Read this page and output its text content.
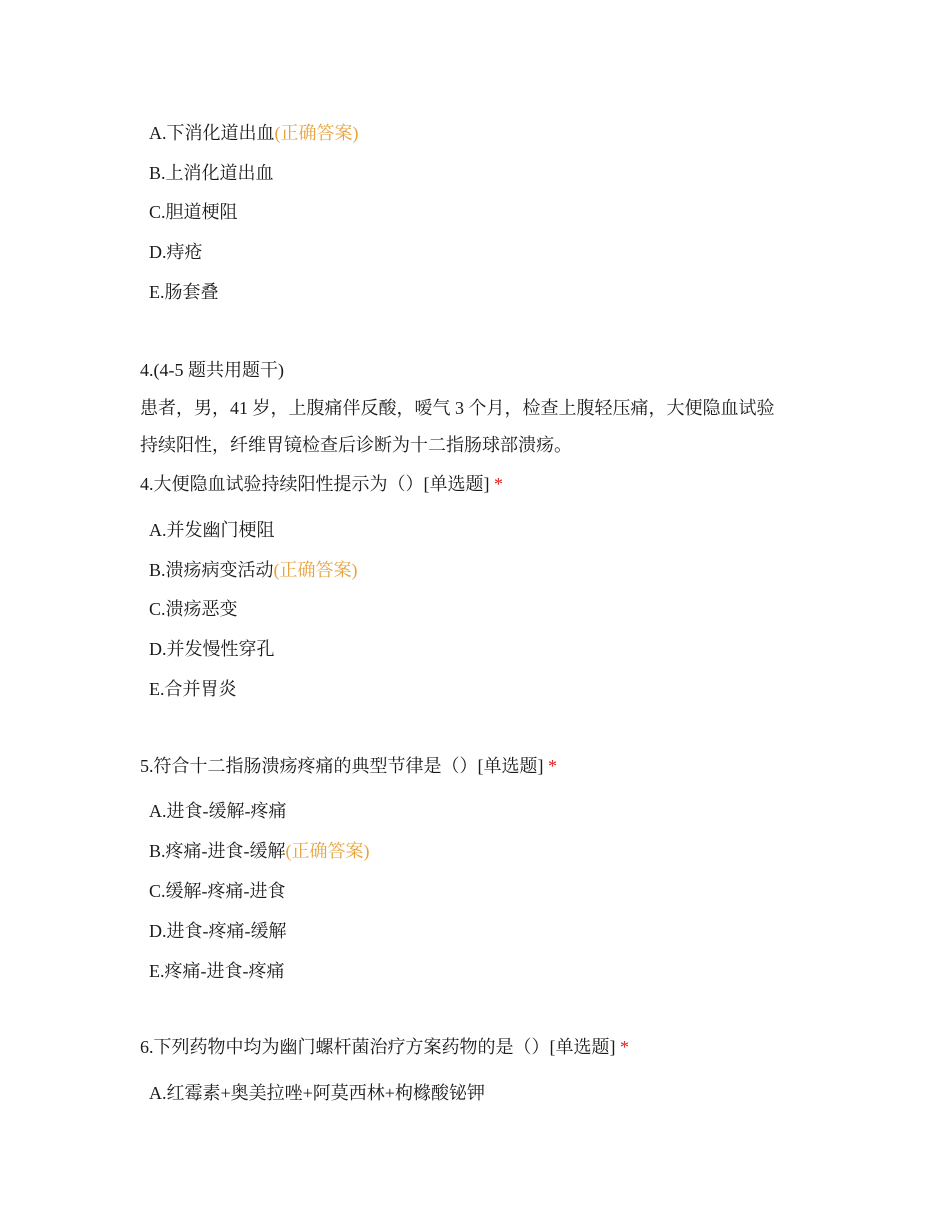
A.下消化道出血(正确答案)
B.上消化道出血
C.胆道梗阻
D.痔疮
E.肠套叠
4.(4-5 题共用题干)
患者，男，41 岁，上腹痛伴反酸，嗳气 3 个月，检查上腹轻压痛，大便隐血试验
持续阳性，纤维胃镜检查后诊断为十二指肠球部溃疡。
4.大便隐血试验持续阳性提示为（）[单选题] *
A.并发幽门梗阻
B.溃疡病变活动(正确答案)
C.溃疡恶变
D.并发慢性穿孔
E.合并胃炎
5.符合十二指肠溃疡疼痛的典型节律是（）[单选题] *
A.进食-缓解-疼痛
B.疼痛-进食-缓解(正确答案)
C.缓解-疼痛-进食
D.进食-疼痛-缓解
E.疼痛-进食-疼痛
6.下列药物中均为幽门螺杆菌治疗方案药物的是（）[单选题] *
A.红霉素+奥美拉唑+阿莫西林+枸橼酸铋钾
